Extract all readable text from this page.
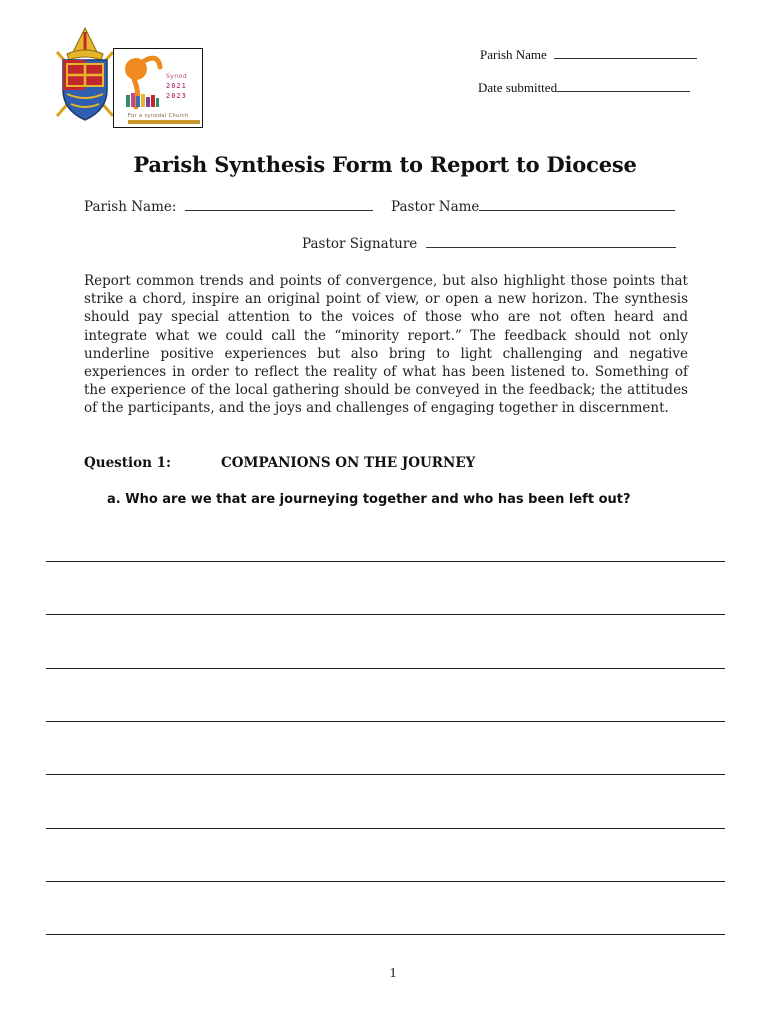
Synod
2021
2023
For a synodal Church
Parish Name
Date submitted
Parish Synthesis Form to Report to Diocese
Parish Name:	Pastor Name
Pastor Signature

Report common trends and points of convergence, but also highlight those points that strike a chord, inspire an original point of view, or open a new horizon. The synthesis should pay special attention to the voices of those who are not often heard and integrate what we could call the “minority report.” The feedback should not only underline positive experiences but also bring to light challenging and negative experiences in order to reflect the reality of what has been listened to. Something of the experience of the local gathering should be conveyed in the feedback; the attitudes of the participants, and the joys and challenges of engaging together in discernment.

Question 1:	COMPANIONS ON THE JOURNEY
a. Who are we that are journeying together and who has been left out?
1
